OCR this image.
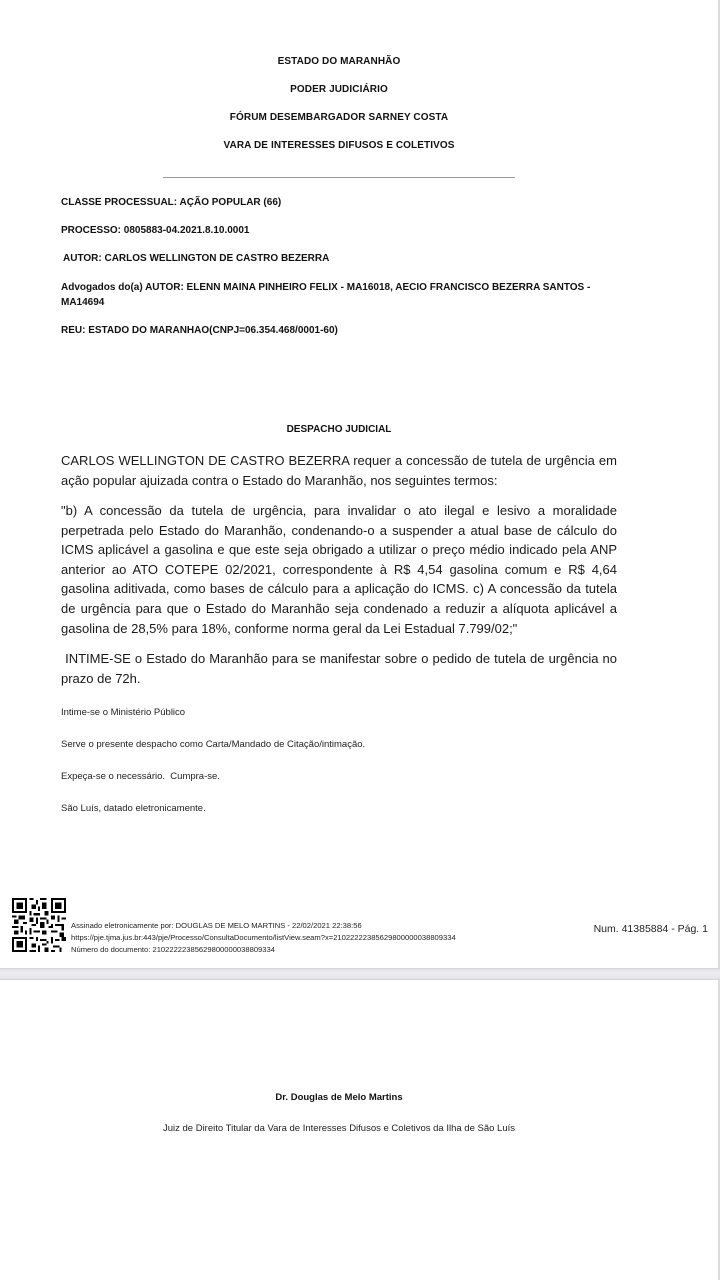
ESTADO DO MARANHÃO
PODER JUDICIÁRIO
FÓRUM DESEMBARGADOR SARNEY COSTA
VARA DE INTERESSES DIFUSOS E COLETIVOS
CLASSE PROCESSUAL: AÇÃO POPULAR (66)
PROCESSO: 0805883-04.2021.8.10.0001
AUTOR: CARLOS WELLINGTON DE CASTRO BEZERRA
Advogados do(a) AUTOR: ELENN MAINA PINHEIRO FELIX - MA16018, AECIO FRANCISCO BEZERRA SANTOS - MA14694
REU: ESTADO DO MARANHAO(CNPJ=06.354.468/0001-60)
DESPACHO JUDICIAL
CARLOS WELLINGTON DE CASTRO BEZERRA requer a concessão de tutela de urgência em ação popular ajuizada contra o Estado do Maranhão, nos seguintes termos:
"b) A concessão da tutela de urgência, para invalidar o ato ilegal e lesivo a moralidade perpetrada pelo Estado do Maranhão, condenando-o a suspender a atual base de cálculo do ICMS aplicável a gasolina e que este seja obrigado a utilizar o preço médio indicado pela ANP anterior ao ATO COTEPE 02/2021, correspondente à R$ 4,54 gasolina comum e R$ 4,64 gasolina aditivada, como bases de cálculo para a aplicação do ICMS. c) A concessão da tutela de urgência para que o Estado do Maranhão seja condenado a reduzir a alíquota aplicável a gasolina de 28,5% para 18%, conforme norma geral da Lei Estadual 7.799/02;"
INTIME-SE o Estado do Maranhão para se manifestar sobre o pedido de tutela de urgência no prazo de 72h.
Intime-se o Ministério Público
Serve o presente despacho como Carta/Mandado de Citação/intimação.
Expeça-se o necessário.  Cumpra-se.
São Luís, datado eletronicamente.
Assinado eletronicamente por: DOUGLAS DE MELO MARTINS - 22/02/2021 22:38:56
https://pje.tjma.jus.br:443/pje/Processo/ConsultaDocumento/listView.seam?x=21022222385629800000038809334
Número do documento: 21022222385629800000038809334
Num. 41385884 - Pág. 1
Dr. Douglas de Melo Martins
Juiz de Direito Titular da Vara de Interesses Difusos e Coletivos da Ilha de São Luís
